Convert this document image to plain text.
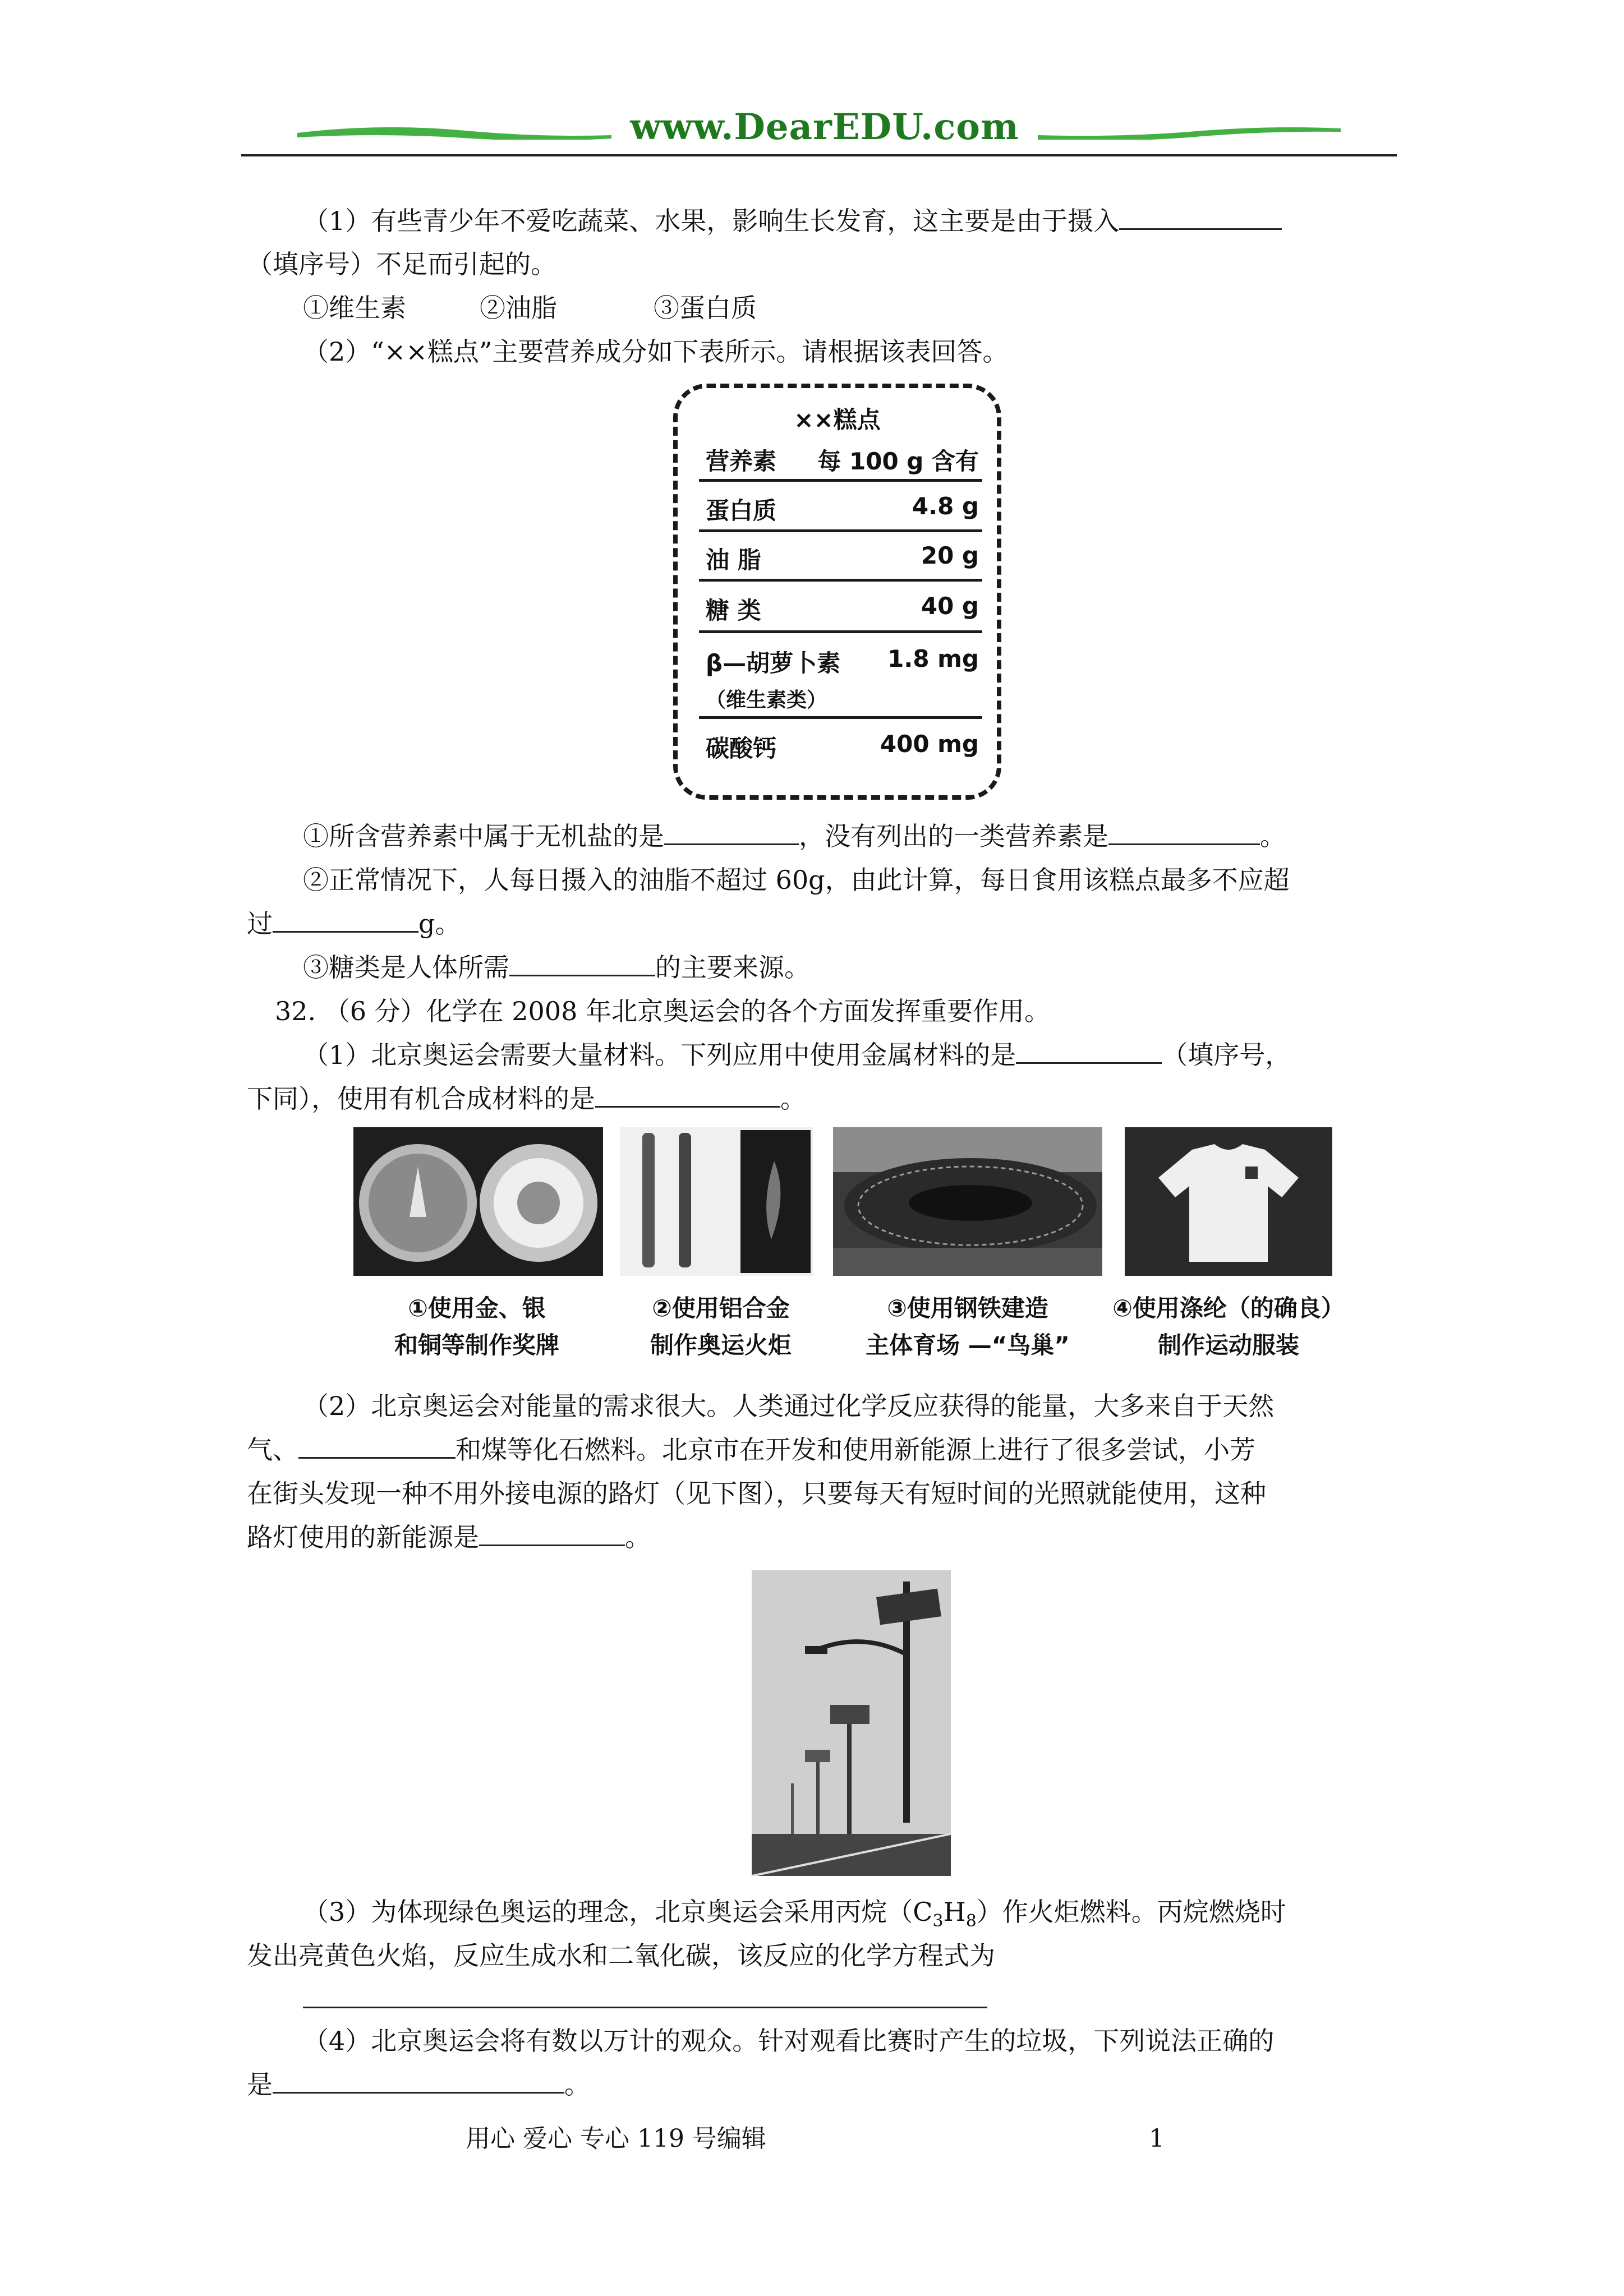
www.DearEDU.com
（1）有些青少年不爱吃蔬菜、水果，影响生长发育，这主要是由于摄入
（填序号）不足而引起的。
①维生素	②油脂	③蛋白质
（2）“××糕点”主要营养成分如下表所示。请根据该表回答。
××糕点
营养素 每 100 g 含有
蛋白质	4.8 g
油 脂	20 g
糖 类	40 g
β—胡萝卜素 1.8 mg
（维生素类）
碳酸钙	400 mg
①所含营养素中属于无机盐的是	，没有列出的一类营养素是	。
②正常情况下，人每日摄入的油脂不超过 60g，由此计算，每日食用该糕点最多不应超
过	g。
③糖类是人体所需	的主要来源。
32. （6 分）化学在 2008 年北京奥运会的各个方面发挥重要作用。
（1）北京奥运会需要大量材料。下列应用中使用金属材料的是	（填序号，
下同），使用有机合成材料的是	。
①使用金、银
和铜等制作奖牌
②使用铝合金
制作奥运火炬
③使用钢铁建造
主体育场 —“鸟巢”
④使用涤纶（的确良）
制作运动服装
（2）北京奥运会对能量的需求很大。人类通过化学反应获得的能量，大多来自于天然
气、	和煤等化石燃料。北京市在开发和使用新能源上进行了很多尝试，小芳
在街头发现一种不用外接电源的路灯（见下图），只要每天有短时间的光照就能使用，这种
路灯使用的新能源是	。
（3）为体现绿色奥运的理念，北京奥运会采用丙烷$(C_3H_8)$作火炬燃料。丙烷燃烧时
发出亮黄色火焰，反应生成水和二氧化碳，该反应的化学方程式为
（4）北京奥运会将有数以万计的观众。针对观看比赛时产生的垃圾，下列说法正确的
是	。
用心 爱心 专心 119 号编辑	1
